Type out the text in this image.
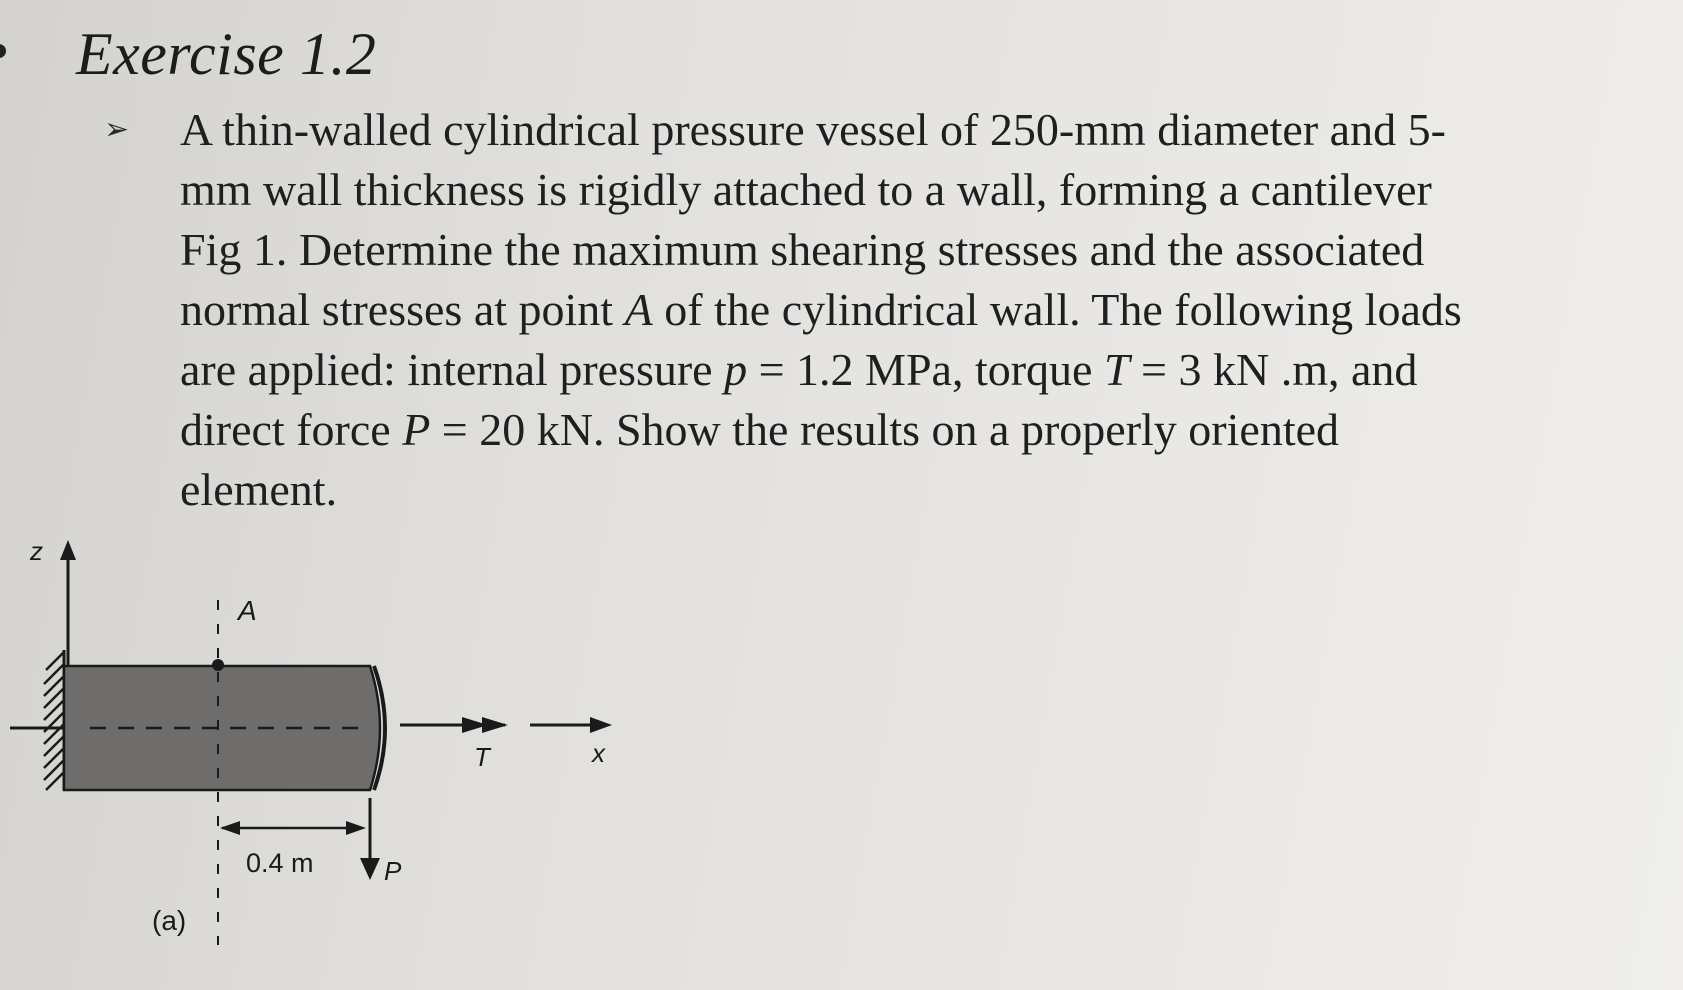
Exercise 1.2
➢ A thin-walled cylindrical pressure vessel of 250-mm diameter and 5-
mm wall thickness is rigidly attached to a wall, forming a cantilever
Fig 1. Determine the maximum shearing stresses and the associated
normal stresses at point A of the cylindrical wall. The following loads
are applied: internal pressure p = 1.2 MPa, torque T = 3 kN .m, and
direct force P = 20 kN. Show the results on a properly oriented
element.
z
A
T	x
0.4 m	P
(a)
